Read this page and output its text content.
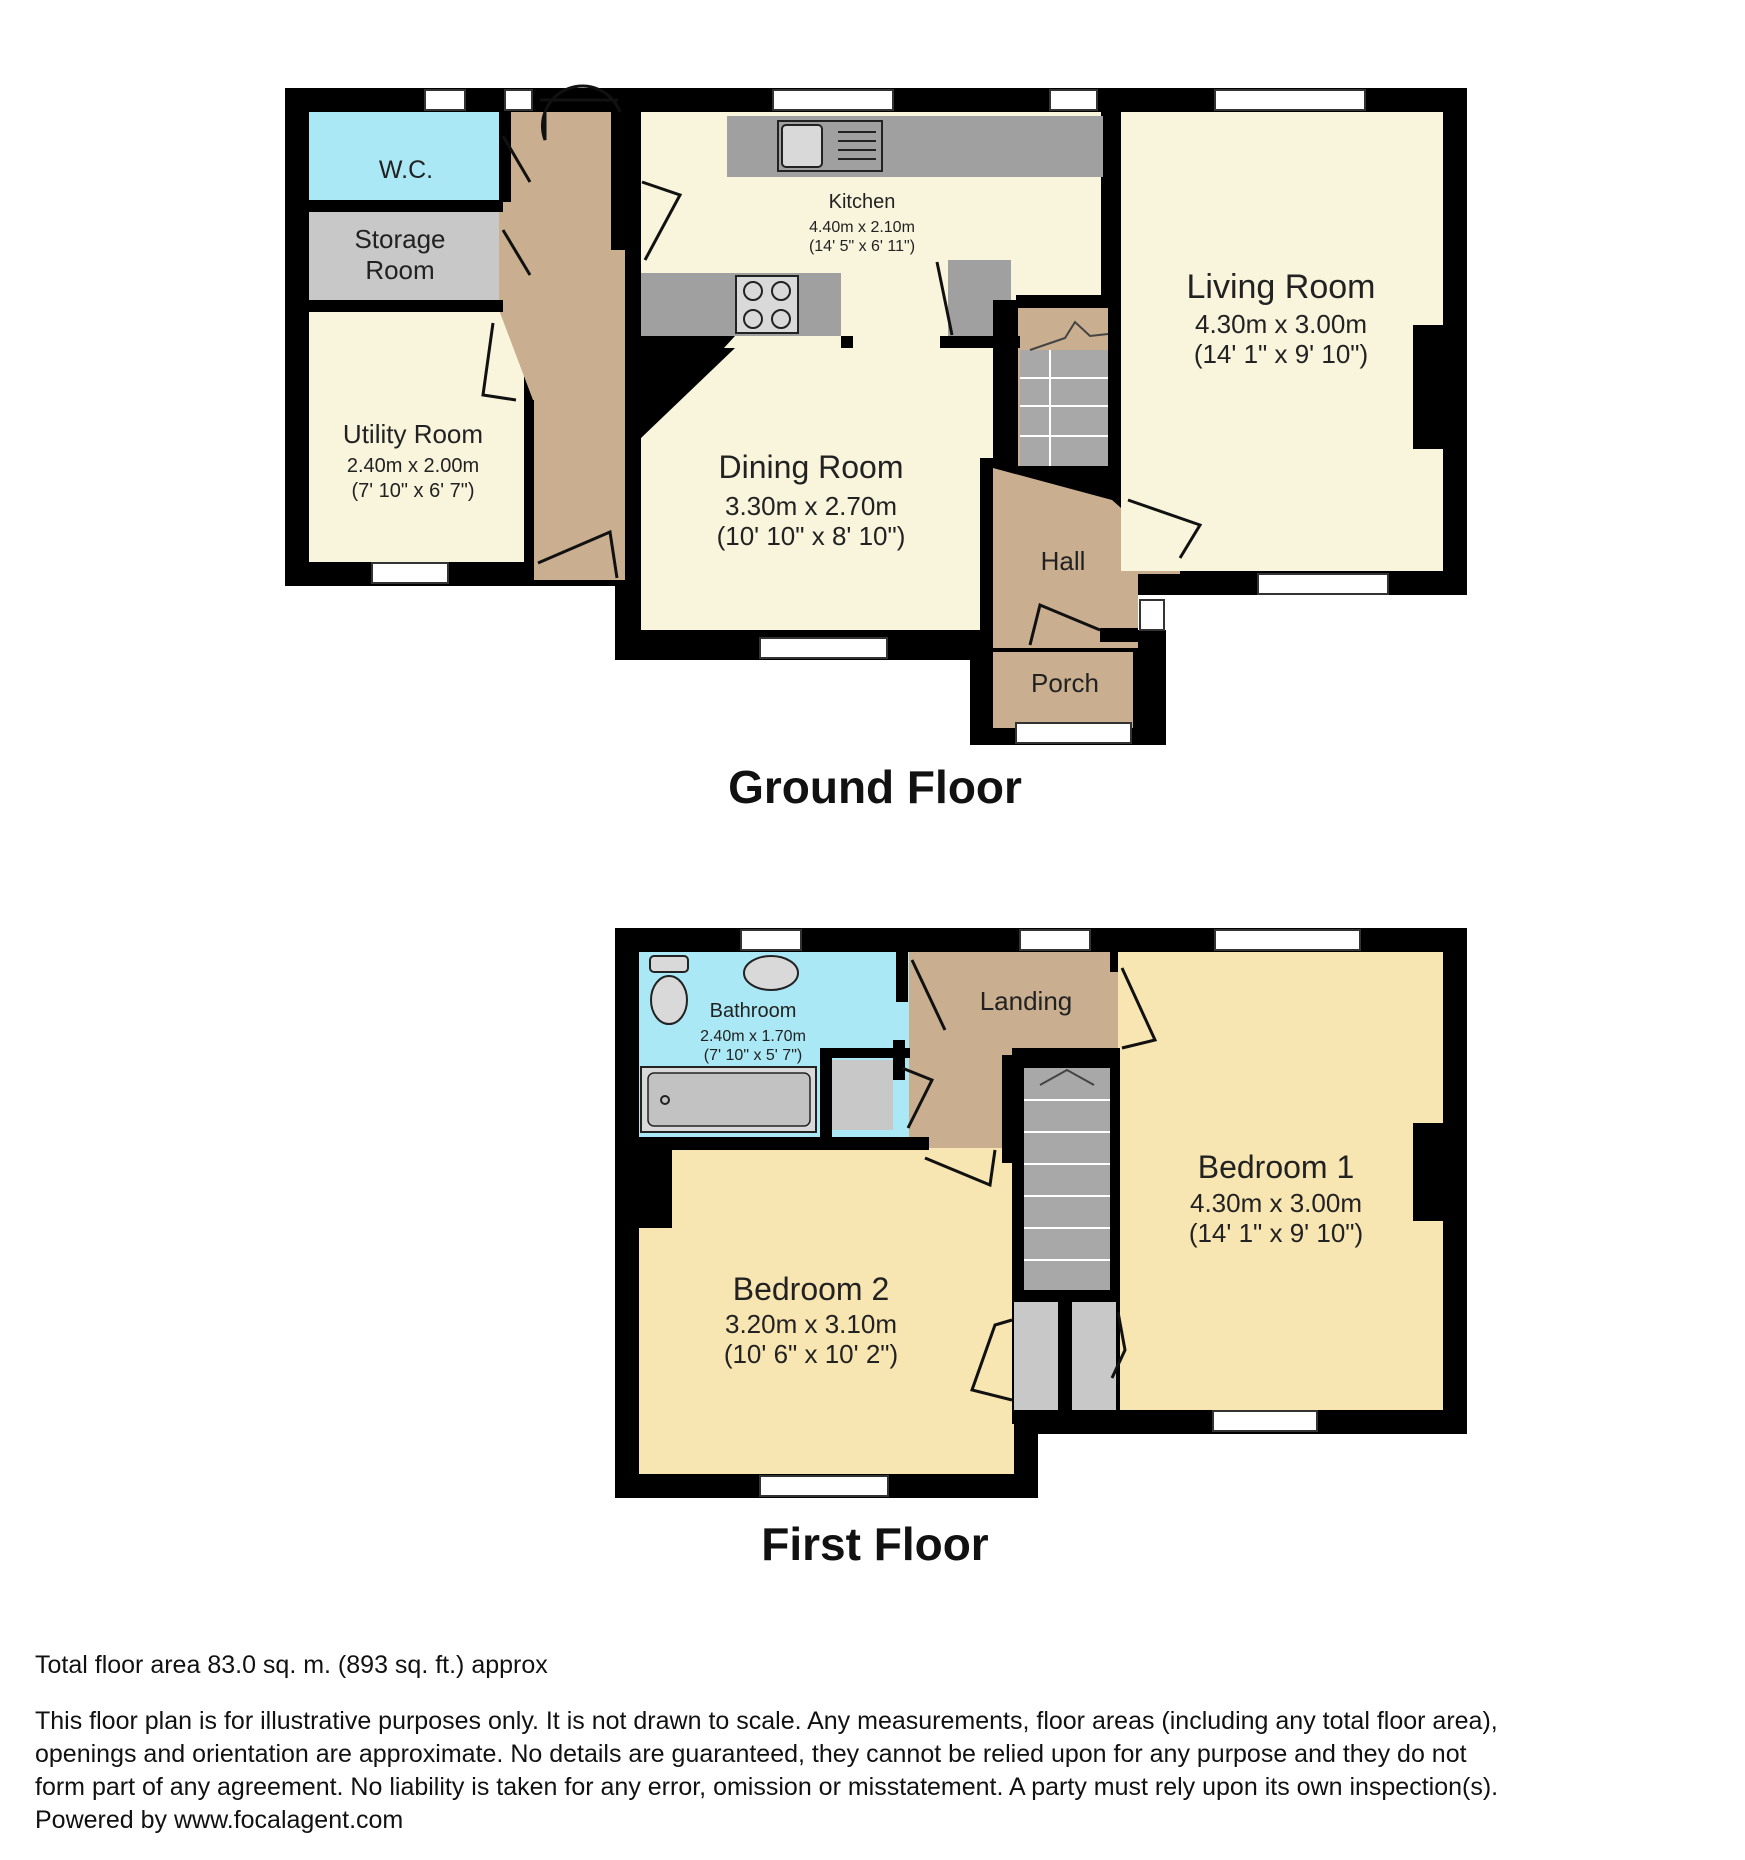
W.C.
Storage
Room
Utility Room
2.40m x 2.00m
(7' 10" x 6' 7")
Kitchen
4.40m x 2.10m
(14' 5" x 6' 11")
Dining Room
3.30m x 2.70m
(10' 10" x 8' 10")
Living Room
4.30m x 3.00m
(14' 1" x 9' 10")
Hall
Porch
Ground Floor
Bathroom
2.40m x 1.70m
(7' 10" x 5' 7")
Landing
Bedroom 1
4.30m x 3.00m
(14' 1" x 9' 10")
Bedroom 2
3.20m x 3.10m
(10' 6" x 10' 2")
First Floor
Total floor area 83.0 sq. m. (893 sq. ft.) approx

This floor plan is for illustrative purposes only. It is not drawn to scale. Any measurements, floor areas (including any total floor area),

openings and orientation are approximate. No details are guaranteed, they cannot be relied upon for any purpose and they do not

form part of any agreement. No liability is taken for any error, omission or misstatement. A party must rely upon its own inspection(s).

Powered by www.focalagent.com
